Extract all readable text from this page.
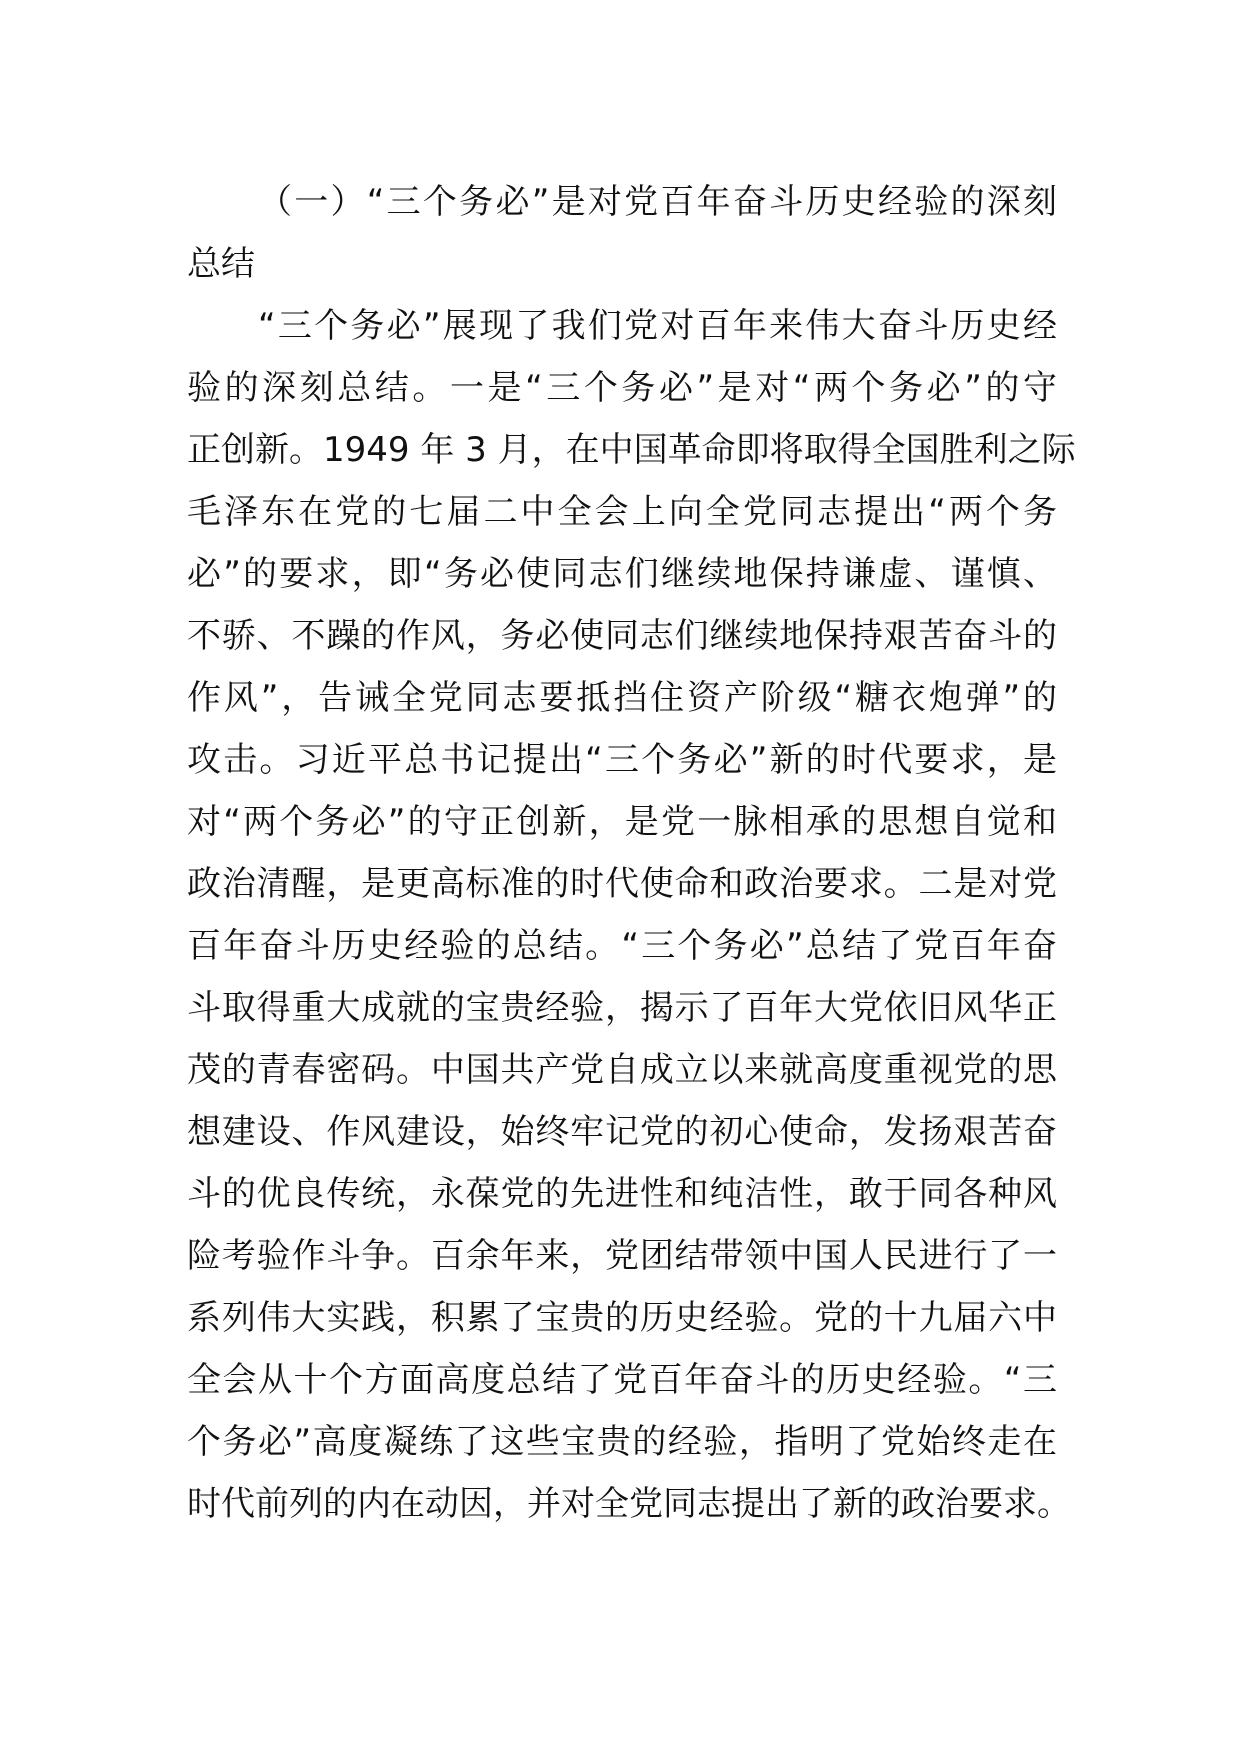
（一）“三个务必”是对党百年奋斗历史经验的深刻
总结
“三个务必”展现了我们党对百年来伟大奋斗历史经
验的深刻总结。一是“三个务必”是对“两个务必”的守
正创新。1949 年 3 月，在中国革命即将取得全国胜利之际
毛泽东在党的七届二中全会上向全党同志提出“两个务
必”的要求，即“务必使同志们继续地保持谦虚、谨慎、
不骄、不躁的作风，务必使同志们继续地保持艰苦奋斗的
作风”，告诫全党同志要抵挡住资产阶级“糖衣炮弹”的
攻击。习近平总书记提出“三个务必”新的时代要求，是
对“两个务必”的守正创新，是党一脉相承的思想自觉和
政治清醒，是更高标准的时代使命和政治要求。二是对党
百年奋斗历史经验的总结。“三个务必”总结了党百年奋
斗取得重大成就的宝贵经验，揭示了百年大党依旧风华正
茂的青春密码。中国共产党自成立以来就高度重视党的思
想建设、作风建设，始终牢记党的初心使命，发扬艰苦奋
斗的优良传统，永葆党的先进性和纯洁性，敢于同各种风
险考验作斗争。百余年来，党团结带领中国人民进行了一
系列伟大实践，积累了宝贵的历史经验。党的十九届六中
全会从十个方面高度总结了党百年奋斗的历史经验。“三
个务必”高度凝练了这些宝贵的经验，指明了党始终走在
时代前列的内在动因，并对全党同志提出了新的政治要求。
